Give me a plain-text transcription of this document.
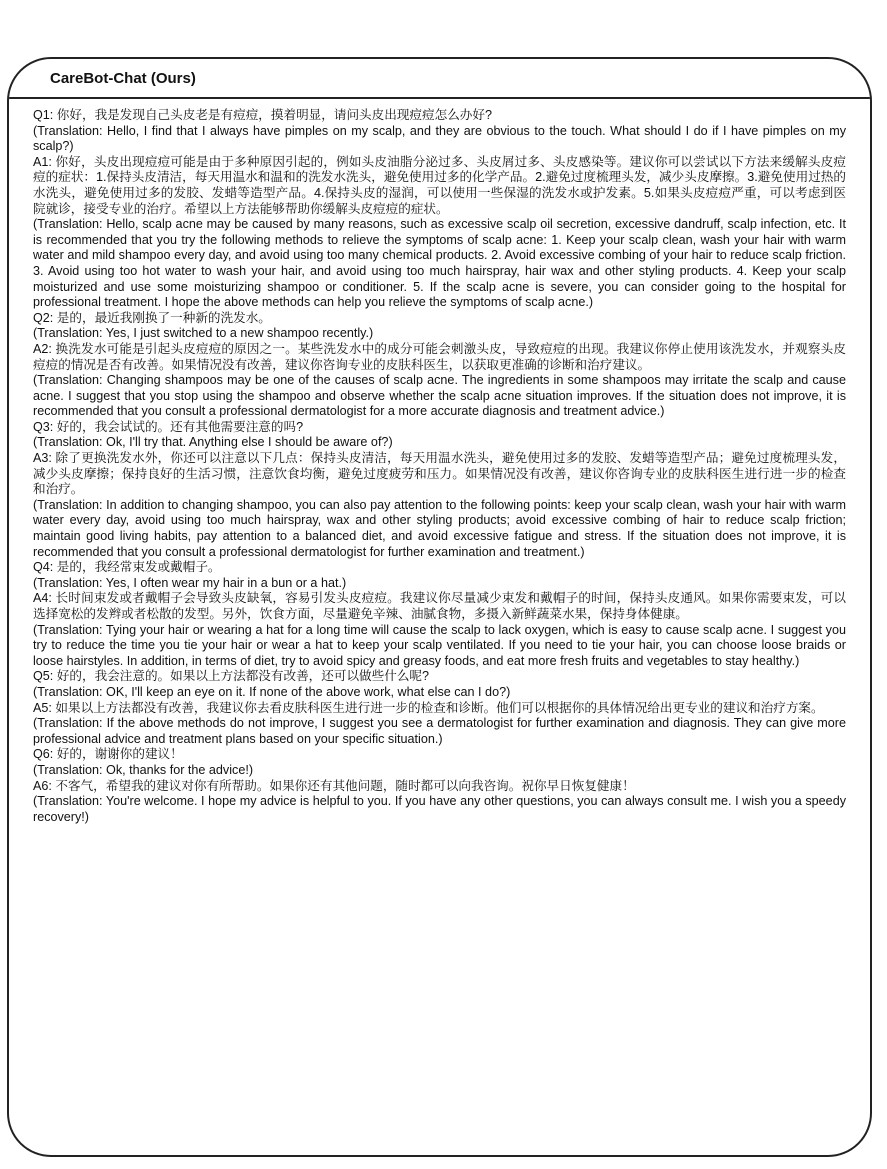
CareBot-Chat (Ours)

Q1: 你好，我是发现自己头皮老是有痘痘，摸着明显，请问头皮出现痘痘怎么办好?

(Translation: Hello, I find that I always have pimples on my scalp, and they are obvious to the touch. What should I do if I have pimples on my scalp?)

A1: 你好，头皮出现痘痘可能是由于多种原因引起的，例如头皮油脂分泌过多、头皮屑过多、头皮感染等。建议你可以尝试以下方法来缓解头皮痘痘的症状：1.保持头皮清洁，每天用温水和温和的洗发水洗头，避免使用过多的化学产品。2.避免过度梳理头发，减少头皮摩擦。3.避免使用过热的水洗头，避免使用过多的发胶、发蜡等造型产品。4.保持头皮的湿润，可以使用一些保湿的洗发水或护发素。5.如果头皮痘痘严重，可以考虑到医院就诊，接受专业的治疗。希望以上方法能够帮助你缓解头皮痘痘的症状。

(Translation: Hello, scalp acne may be caused by many reasons, such as excessive scalp oil secretion, excessive dandruff, scalp infection, etc. It is recommended that you try the following methods to relieve the symptoms of scalp acne: 1. Keep your scalp clean, wash your hair with warm water and mild shampoo every day, and avoid using too many chemical products. 2. Avoid excessive combing of your hair to reduce scalp friction. 3. Avoid using too hot water to wash your hair, and avoid using too much hairspray, hair wax and other styling products. 4. Keep your scalp moisturized and use some moisturizing shampoo or conditioner. 5. If the scalp acne is severe, you can consider going to the hospital for professional treatment. I hope the above methods can help you relieve the symptoms of scalp acne.)

Q2: 是的，最近我刚换了一种新的洗发水。

(Translation: Yes, I just switched to a new shampoo recently.)

A2: 换洗发水可能是引起头皮痘痘的原因之一。某些洗发水中的成分可能会刺激头皮，导致痘痘的出现。我建议你停止使用该洗发水，并观察头皮痘痘的情况是否有改善。如果情况没有改善，建议你咨询专业的皮肤科医生，以获取更准确的诊断和治疗建议。

(Translation: Changing shampoos may be one of the causes of scalp acne. The ingredients in some shampoos may irritate the scalp and cause acne. I suggest that you stop using the shampoo and observe whether the scalp acne situation improves. If the situation does not improve, it is recommended that you consult a professional dermatologist for a more accurate diagnosis and treatment advice.)

Q3: 好的，我会试试的。还有其他需要注意的吗?

(Translation: Ok, I'll try that. Anything else I should be aware of?)

A3: 除了更换洗发水外，你还可以注意以下几点：保持头皮清洁，每天用温水洗头，避免使用过多的发胶、发蜡等造型产品；避免过度梳理头发，减少头皮摩擦；保持良好的生活习惯，注意饮食均衡，避免过度疲劳和压力。如果情况没有改善，建议你咨询专业的皮肤科医生进行进一步的检查和治疗。

(Translation: In addition to changing shampoo, you can also pay attention to the following points: keep your scalp clean, wash your hair with warm water every day, avoid using too much hairspray, wax and other styling products; avoid excessive combing of hair to reduce scalp friction; maintain good living habits, pay attention to a balanced diet, and avoid excessive fatigue and stress. If the situation does not improve, it is recommended that you consult a professional dermatologist for further examination and treatment.)

Q4: 是的，我经常束发或戴帽子。

(Translation: Yes, I often wear my hair in a bun or a hat.)

A4: 长时间束发或者戴帽子会导致头皮缺氧，容易引发头皮痘痘。我建议你尽量减少束发和戴帽子的时间，保持头皮通风。如果你需要束发，可以选择宽松的发辫或者松散的发型。另外，饮食方面，尽量避免辛辣、油腻食物，多摄入新鲜蔬菜水果，保持身体健康。

(Translation: Tying your hair or wearing a hat for a long time will cause the scalp to lack oxygen, which is easy to cause scalp acne. I suggest you try to reduce the time you tie your hair or wear a hat to keep your scalp ventilated. If you need to tie your hair, you can choose loose braids or loose hairstyles. In addition, in terms of diet, try to avoid spicy and greasy foods, and eat more fresh fruits and vegetables to stay healthy.)

Q5: 好的，我会注意的。如果以上方法都没有改善，还可以做些什么呢?

(Translation: OK, I'll keep an eye on it. If none of the above work, what else can I do?)

A5: 如果以上方法都没有改善，我建议你去看皮肤科医生进行进一步的检查和诊断。他们可以根据你的具体情况给出更专业的建议和治疗方案。

(Translation: If the above methods do not improve, I suggest you see a dermatologist for further examination and diagnosis. They can give more professional advice and treatment plans based on your specific situation.)

Q6: 好的，谢谢你的建议！

(Translation: Ok, thanks for the advice!)

A6: 不客气，希望我的建议对你有所帮助。如果你还有其他问题，随时都可以向我咨询。祝你早日恢复健康！

(Translation: You're welcome. I hope my advice is helpful to you. If you have any other questions, you can always consult me. I wish you a speedy recovery!)
